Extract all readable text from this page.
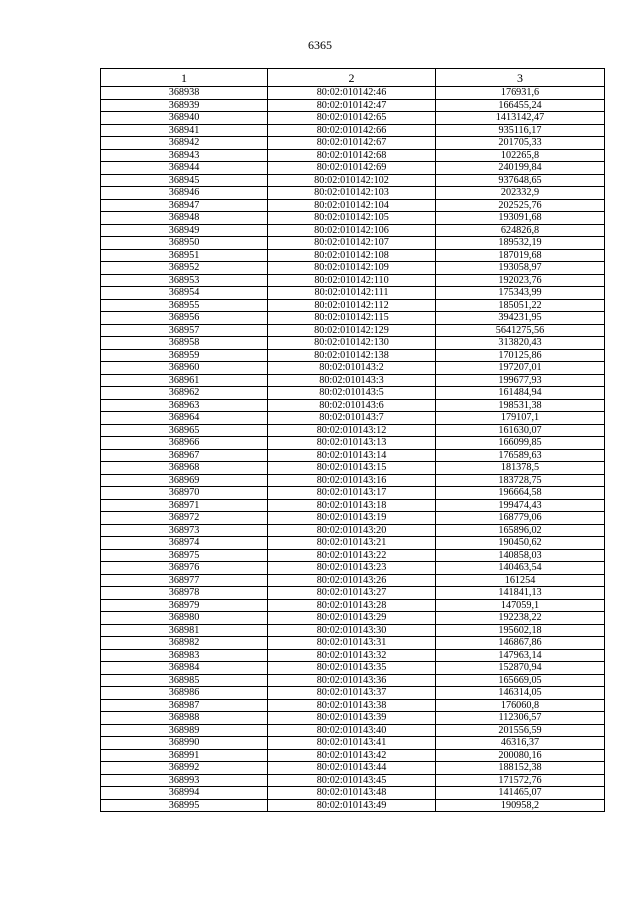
6365
1	2	3
368938	80:02:010142:46	176931,6
368939	80:02:010142:47	166455,24
368940	80:02:010142:65	1413142,47
368941	80:02:010142:66	935116,17
368942	80:02:010142:67	201705,33
368943	80:02:010142:68	102265,8
368944	80:02:010142:69	240199,84
368945	80:02:010142:102	937648,65
368946	80:02:010142:103	202332,9
368947	80:02:010142:104	202525,76
368948	80:02:010142:105	193091,68
368949	80:02:010142:106	624826,8
368950	80:02:010142:107	189532,19
368951	80:02:010142:108	187019,68
368952	80:02:010142:109	193058,97
368953	80:02:010142:110	192023,76
368954	80:02:010142:111	175343,99
368955	80:02:010142:112	185051,22
368956	80:02:010142:115	394231,95
368957	80:02:010142:129	5641275,56
368958	80:02:010142:130	313820,43
368959	80:02:010142:138	170125,86
368960	80:02:010143:2	197207,01
368961	80:02:010143:3	199677,93
368962	80:02:010143:5	161484,94
368963	80:02:010143:6	198531,38
368964	80:02:010143:7	179107,1
368965	80:02:010143:12	161630,07
368966	80:02:010143:13	166099,85
368967	80:02:010143:14	176589,63
368968	80:02:010143:15	181378,5
368969	80:02:010143:16	183728,75
368970	80:02:010143:17	196664,58
368971	80:02:010143:18	199474,43
368972	80:02:010143:19	168779,06
368973	80:02:010143:20	165896,02
368974	80:02:010143:21	190450,62
368975	80:02:010143:22	140858,03
368976	80:02:010143:23	140463,54
368977	80:02:010143:26	161254
368978	80:02:010143:27	141841,13
368979	80:02:010143:28	147059,1
368980	80:02:010143:29	192238,22
368981	80:02:010143:30	195602,18
368982	80:02:010143:31	146867,86
368983	80:02:010143:32	147963,14
368984	80:02:010143:35	152870,94
368985	80:02:010143:36	165669,05
368986	80:02:010143:37	146314,05
368987	80:02:010143:38	176060,8
368988	80:02:010143:39	112306,57
368989	80:02:010143:40	201556,59
368990	80:02:010143:41	46316,37
368991	80:02:010143:42	200080,16
368992	80:02:010143:44	188152,38
368993	80:02:010143:45	171572,76
368994	80:02:010143:48	141465,07
368995	80:02:010143:49	190958,2
